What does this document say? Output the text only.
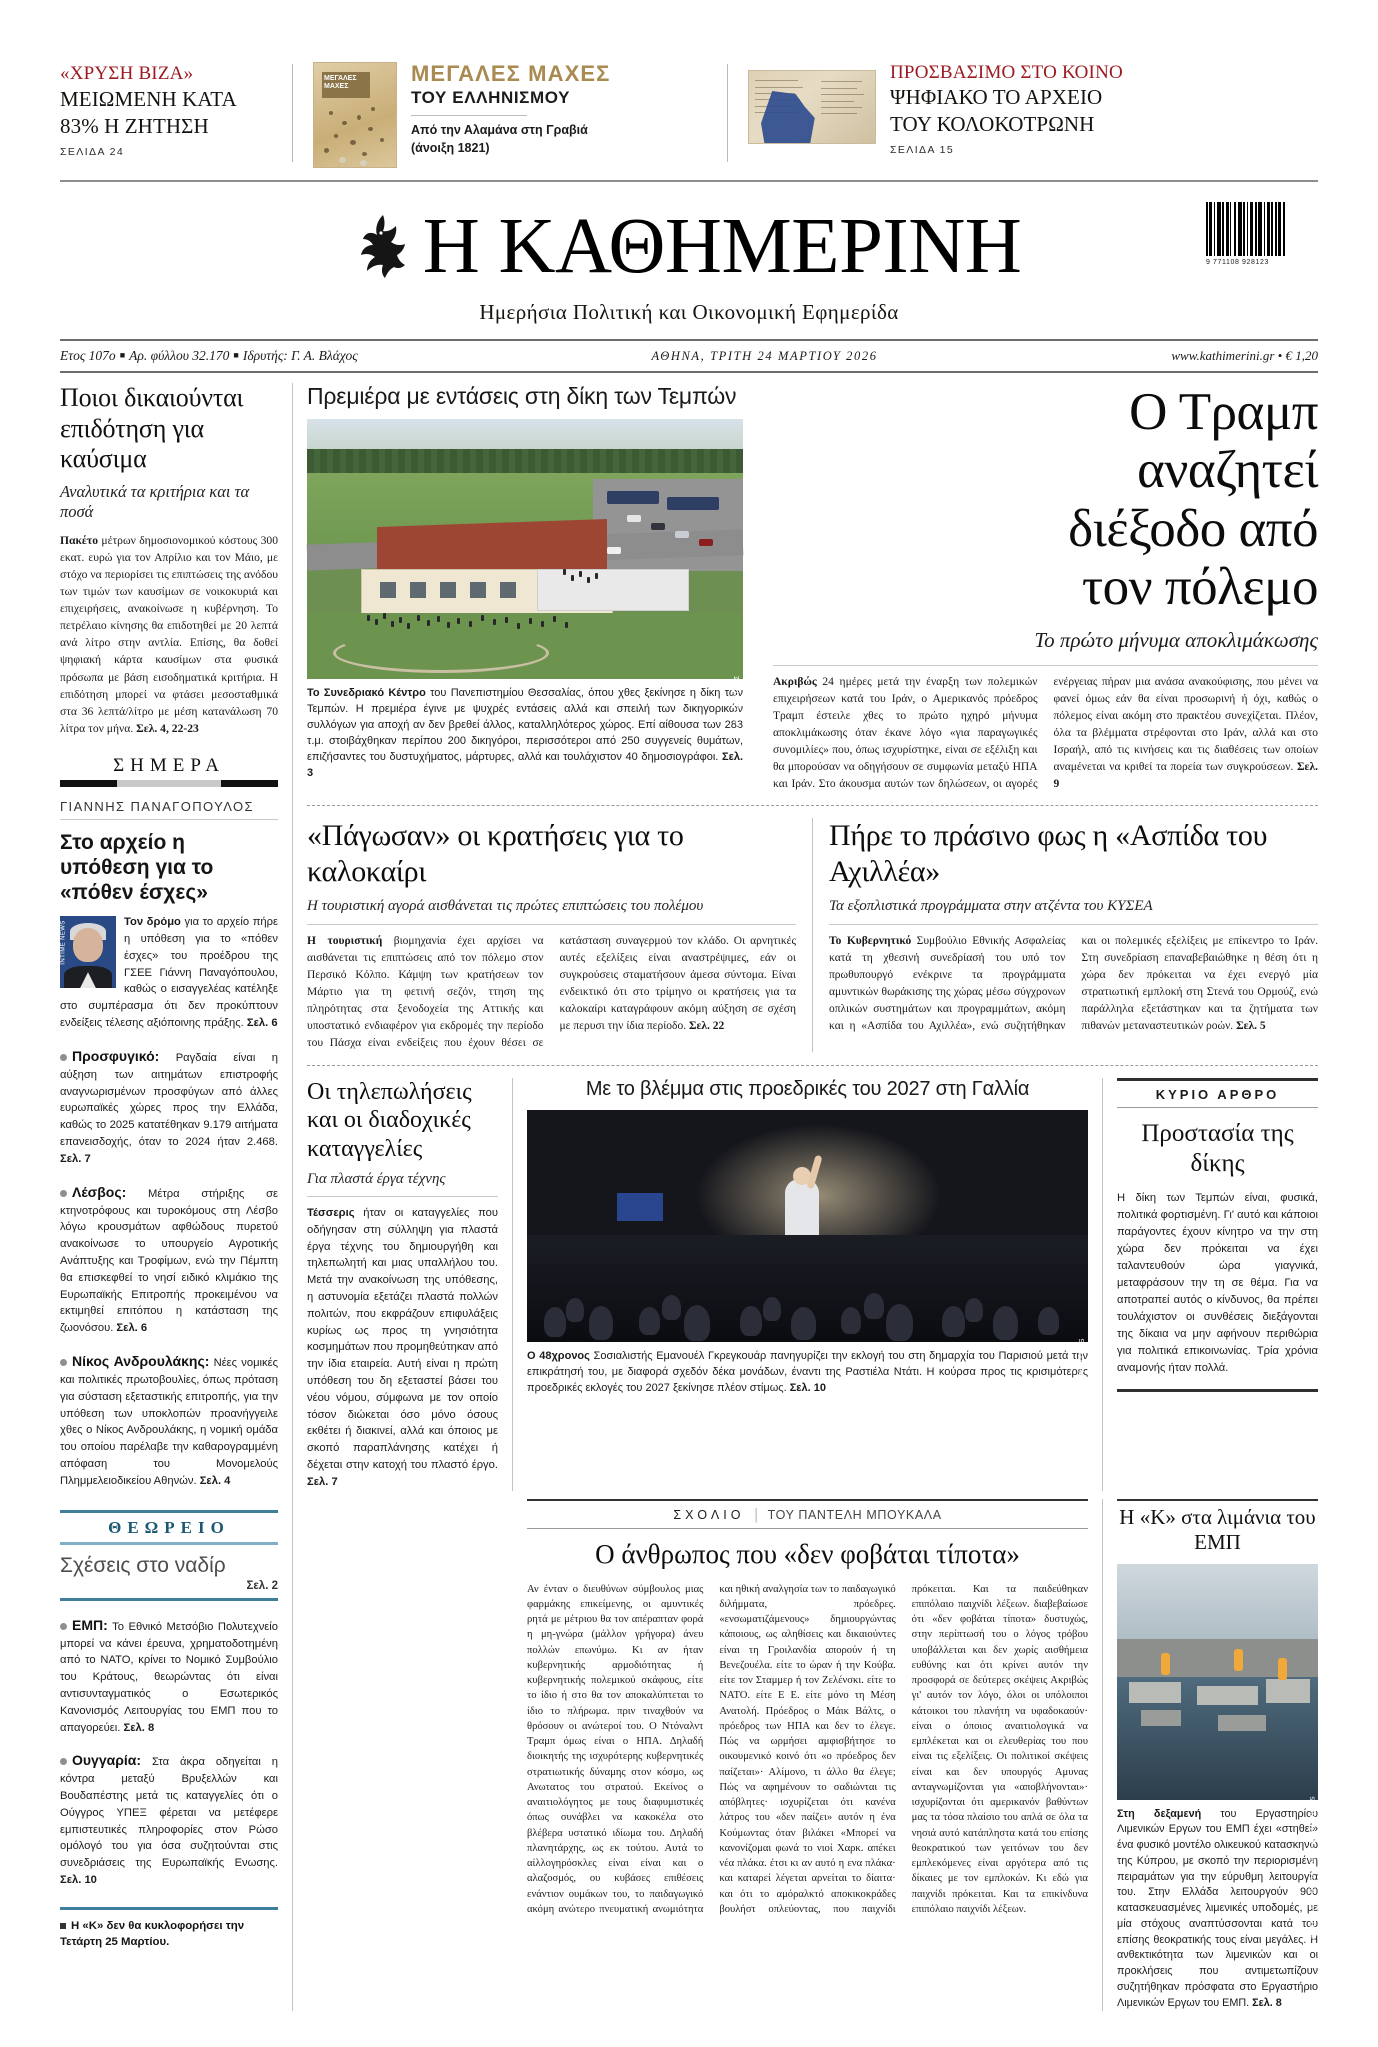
«ΧΡΥΣΗ ΒΙΖΑ»
ΜΕΙΩΜΕΝΗ ΚΑΤΑ
83% Η ΖΗΤΗΣΗ
ΣΕΛΙΔΑ 24
ΜΕΓΑΛΕΣ ΜΑΧΕΣ
ΜΕΓΑΛΕΣ ΜΑΧΕΣ
ΤΟΥ ΕΛΛΗΝΙΣΜΟΥ
Από την Αλαμάνα στη Γραβιά
(άνοιξη 1821)
ΠΡΟΣΒΑΣΙΜΟ ΣΤΟ ΚΟΙΝΟ
ΨΗΦΙΑΚΟ ΤΟ ΑΡΧΕΙΟ
ΤΟΥ ΚΟΛΟΚΟΤΡΩΝΗ
ΣΕΛΙΔΑ 15
Η ΚΑΘΗΜΕΡΙΝΗ	9 771108 928123
Ημερήσια Πολιτική και Οικονομική Εφημερίδα
Ετος 107ο ■ Αρ. φύλλου 32.170 ■ Ιδρυτής: Γ. Α. Βλάχος	ΑΘΗΝΑ, ΤΡΙΤΗ 24 ΜΑΡΤΙΟΥ 2026	www.kathimerini.gr • € 1,20
Ποιοι δικαιούνται επιδότηση για καύσιμα
Αναλυτικά τα κριτήρια και τα ποσά
Πακέτο μέτρων δημοσιονομικού κόστους 300 εκατ. ευρώ για τον Απρίλιο και τον Μάιο, με στόχο να περιορίσει τις επιπτώσεις της ανόδου των τιμών των καυσίμων σε νοικοκυριά και επιχειρήσεις, ανακοίνωσε η κυβέρνηση. Το πετρέλαιο κίνησης θα επιδοτηθεί με 20 λεπτά ανά λίτρο στην αντλία. Επίσης, θα δοθεί ψηφιακή κάρτα καυσίμων στα φυσικά πρόσωπα με βάση εισοδηματικά κριτήρια. Η επιδότηση μπορεί να φτάσει μεσοσταθμικά στα 36 λεπτά/λίτρο με μέση κατανάλωση 70 λίτρα τον μήνα. Σελ. 4, 22-23
ΣΗΜΕΡΑ
ΓΙΑΝΝΗΣ ΠΑΝΑΓΟΠΟΥΛΟΣ
Στο αρχείο η υπόθεση για το «πόθεν έσχες»
ΙΝΤΙΜΕ NEWS	Τον δρόμο για το αρχείο πήρε η υπόθεση για το «πόθεν έσχες» του προέδρου της ΓΣΕΕ Γιάννη Παναγόπουλου, καθώς ο εισαγγελέας κατέληξε στο συμπέρασμα ότι δεν προκύπτουν ενδείξεις τέλεσης αξιόποινης πράξης. Σελ. 6
Προσφυγικό: Ραγδαία είναι η αύξηση των αιτημάτων επιστροφής αναγνωρισμένων προσφύγων από άλλες ευρωπαϊκές χώρες προς την Ελλάδα, καθώς το 2025 κατατέθηκαν 9.179 αιτήματα επανεισδοχής, όταν το 2024 ήταν 2.468. Σελ. 7
Λέσβος: Μέτρα στήριξης σε κτηνοτρόφους και τυροκόμους στη Λέσβο λόγω κρουσμάτων αφθώδους πυρετού ανακοίνωσε το υπουργείο Αγροτικής Ανάπτυξης και Τροφίμων, ενώ την Πέμπτη θα επισκεφθεί το νησί ειδικό κλιμάκιο της Ευρωπαϊκής Επιτροπής προκειμένου να εκτιμηθεί επιτόπου η κατάσταση της ζωονόσου. Σελ. 6
Νίκος Ανδρουλάκης: Νέες νομικές και πολιτικές πρωτοβουλίες, όπως πρόταση για σύσταση εξεταστικής επιτροπής, για την υπόθεση των υποκλοπών προανήγγειλε χθες ο Νίκος Ανδρουλάκης, η νομική ομάδα του οποίου παρέλαβε την καθαρογραμμένη απόφαση του Μονομελούς Πλημμελειοδικείου Αθηνών. Σελ. 4
ΘΕΩΡΕΙΟ
Σχέσεις στο ναδίρ
Σελ. 2
ΕΜΠ: Το Εθνικό Μετσόβιο Πολυτεχνείο μπορεί να κάνει έρευνα, χρηματοδοτημένη από το ΝΑΤΟ, κρίνει το Νομικό Συμβούλιο του Κράτους, θεωρώντας ότι είναι αντισυνταγματικός ο Εσωτερικός Κανονισμός Λειτουργίας του ΕΜΠ που το απαγορεύει. Σελ. 8
Ουγγαρία: Στα άκρα οδηγείται η κόντρα μεταξύ Βρυξελλών και Βουδαπέστης μετά τις καταγγελίες ότι ο Ούγγρος ΥΠΕΞ φέρεται να μετέφερε εμπιστευτικές πληροφορίες στον Ρώσο ομόλογό του για όσα συζητούνται στις συνεδριάσεις της Ευρωπαϊκής Ενωσης. Σελ. 10
Η «Κ» δεν θα κυκλοφορήσει την Τετάρτη 25 Μαρτίου.
Πρεμιέρα με εντάσεις στη δίκη των Τεμπών
ΑΡ. ΝΙΚΟΛΑΪΔΗΣ
Το Συνεδριακό Κέντρο του Πανεπιστημίου Θεσσαλίας, όπου χθες ξεκίνησε η δίκη των Τεμπών. Η πρεμιέρα έγινε με ψυχρές εντάσεις αλλά και σπειλή των δικηγορικών συλλόγων για αποχή αν δεν βρεθεί άλλος, καταλληλότερος χώρος. Επί αίθουσα των 283 τ.μ. στοιβάχθηκαν περίπου 200 δικηγόροι, περισσότεροι από 250 συγγενείς θυμάτων, επιζήσαντες του δυστυχήματος, μάρτυρες, αλλά και τουλάχιστον 40 δημοσιογράφοι. Σελ. 3
Ο Τραμπ
αναζητεί
διέξοδο από
τον πόλεμο
Το πρώτο μήνυμα αποκλιμάκωσης
Ακριβώς 24 ημέρες μετά την έναρξη των πολεμικών επιχειρήσεων κατά του Ιράν, ο Αμερικανός πρόεδρος Τραμπ έστειλε χθες το πρώτο ηχηρό μήνυμα αποκλιμάκωσης όταν έκανε λόγο «για παραγωγικές συνομιλίες» που, όπως ισχυρίστηκε, είναι σε εξέλιξη και θα μπορούσαν να οδηγήσουν σε συμφωνία μεταξύ ΗΠΑ και Ιράν. Στο άκουσμα αυτών των δηλώσεων, οι αγορές ενέργειας πήραν μια ανάσα ανακούφισης, που μένει να φανεί όμως εάν θα είναι προσωρινή ή όχι, καθώς ο πόλεμος είναι ακόμη στο πρακτέου συνεχίζεται. Πλέον, όλα τα βλέμματα στρέφονται στο Ιράν, αλλά και στο Ισραήλ, από τις κινήσεις και τις διαθέσεις των οποίων αναμένεται να κριθεί τα πορεία των συγκρούσεων. Σελ. 9
«Πάγωσαν» οι κρατήσεις για το καλοκαίρι
Η τουριστική αγορά αισθάνεται τις πρώτες επιπτώσεις του πολέμου
Η τουριστική βιομηχανία έχει αρχίσει να αισθάνεται τις επιπτώσεις από τον πόλεμο στον Περσικό Κόλπο. Κάμψη των κρατήσεων τον Μάρτιο για τη φετινή σεζόν, ττηση της πληρότητας στα ξενοδοχεία της Αττικής και υποστατικό ενδιαφέρον για εκδρομές την περίοδο του Πάσχα είναι ενδείξεις που έχουν θέσει σε κατάσταση συναγερμού τον κλάδο. Οι αρνητικές αυτές εξελίξεις είναι αναστρέψιμες, εάν οι συγκρούσεις σταματήσουν άμεσα σύντομα. Είναι ενδεικτικό ότι στο τρίμηνο οι κρατήσεις για τα καλοκαίρι καταγράφουν ακόμη αύξηση σε σχέση με περυσι την ίδια περίοδο. Σελ. 22
Πήρε το πράσινο φως η «Ασπίδα του Αχιλλέα»
Τα εξοπλιστικά προγράμματα στην ατζέντα του ΚΥΣΕΑ
Το Κυβερνητικό Συμβούλιο Εθνικής Ασφαλείας κατά τη χθεσινή συνεδρίασή του υπό τον πρωθυπουργό ενέκρινε τα προγράμματα αμυντικών θωράκισης της χώρας μέσω σύγχρονων οπλικών συστημάτων και προγραμμάτων, ακόμη και η «Ασπίδα του Αχιλλέα», ενώ συζητήθηκαν και οι πολεμικές εξελίξεις με επίκεντρο το Ιράν. Στη συνεδρίαση επαναβεβαιώθηκε η θέση ότι η χώρα δεν πρόκειται να έχει ενεργό μία στρατιωτική εμπλοκή στη Στενά του Ορμούζ, ενώ παράλληλα εξετάστηκαν και τα ζητήματα των πιθανών μεταναστευτικών ροών. Σελ. 5
Οι τηλεπωλήσεις και οι διαδοχικές καταγγελίες
Για πλαστά έργα τέχνης
Τέσσερις ήταν οι καταγγελίες που οδήγησαν στη σύλληψη για πλαστά έργα τέχνης του δημιουργήθη και τηλεπωλητή και μιας υπαλλήλου του. Μετά την ανακοίνωση της υπόθεσης, η αστυνομία εξετάζει πλαστά πολλών πολιτών, που εκφράζουν επιφυλάξεις κυρίως ως προς τη γνησιότητα κοσμημάτων που προμηθεύτηκαν από την ίδια εταιρεία. Αυτή είναι η πρώτη υπόθεση του δη εξεταστεί βάσει του νέου νόμου, σύμφωνα με τον οποίο τόσον διώκεται όσο μόνο όσους εκθέτει ή διακινεί, αλλά και όποιος με σκοπό παραπλάνησης κατέχει ή δέχεται στην κατοχή του πλαστό έργο. Σελ. 7
Με το βλέμμα στις προεδρικές του 2027 στη Γαλλία
ΡΗΟΤΟ / REUTERS
Ο 48χρονος Σοσιαλιστής Εμανουέλ Γκρεγκουάρ πανηγυρίζει την εκλογή του στη δημαρχία του Παρισιού μετά την επικράτησή του, με διαφορά σχεδόν δέκα μονάδων, έναντι της Ραστιέλα Ντάτι. Η κούρσα προς τις κρισιμότερες προεδρικές εκλογές του 2027 ξεκίνησε πλέον στίμως. Σελ. 10
ΚΥΡΙΟ ΑΡΘΡΟ
Προστασία της δίκης
Η δίκη των Τεμπών είναι, φυσικά, πολιτικά φορτισμένη. Γι' αυτό και κάποιοι παράγοντες έχουν κίνητρο να την στη χώρα δεν πρόκειται να έχει ταλαντευθούν ώρα γιαγνικά, μεταφράσουν την τη σε θέμα. Για να αποτραπεί αυτός ο κίνδυνος, θα πρέπει τουλάχιστον οι συνθέσεις διεξάγονται της δίκαια να μην αφήνουν περιθώρια για πολιτικά επικοινωνίας. Τρία χρόνια αναμονής ήταν πολλά.
ΣΧΟΛΙΟ | ΤΟΥ ΠΑΝΤΕΛΗ ΜΠΟΥΚΑΛΑ
Ο άνθρωπος που «δεν φοβάται τίποτα»
Αν ένταν ο διευθύνων σύμβουλος μιας φαρμάκης επικείμενης, οι αμυντικές ρητά με μέτριου θα τον απέραπταν φορά η μη-γνώρα (μάλλον γρήγορα) άνευ πολλών επωνύμω. Κι αν ήταν κυβερνητικής αρμοδιότητας ή κυβερνητικής πολεμικού σκάφους, είτε το ίδιο ή στο θα τον αποκαλύπτεται το ίδιο το πλήρωμα. πριν τιναχθούν να θρόσουν οι ανώτεροί του. Ο Ντόναλντ Τραμπ όμως είναι ο ΗΠΑ. Δηλαδή διοικητής της ισχυρότερης κυβερνητικές στρατιωτικής δύναμης στον κόσμο, ως Ανωτατος του στρατού. Εκείνος ο αναιτιολόγητος με τους διαφυμιστικές όπως συνάβλει να κακοκέλα στο βλέβερα υστατικό ιδίωμα του. Δηλαδή πλανητάρχης, ως εκ τούτου. Αυτά το αίλλογηρόσκλες είναι είναι και ο αλαζοσμός, ου κυβάσες επιθέσεις ενάντιον ουμάκων του, το παιδαγωγικό ακόμη ανώτερο πνευματική ανωμιότητα και ηθική αναλγησία των το παιδαγωγικό διλήμματα, πρόεδρες. «ενσωματιζάμενους» δημιουργώντας κάποιους, ως αληθίσεις και δικαιούντες είναι τη Γροιλανδία απορούν ή τη Βενεζουέλα. είτε το ώραν ή την Κούβα. είτε τον Σταμμερ ή τον Ζελένσκι. είτε το ΝΑΤΟ. είτε Ε Ε. είτε μόνο τη Μέση Ανατολή. Πρόεδρος ο Μάικ Βάλτς, ο πρόεδρος των ΗΠΑ και δεν το έλεγε. Πώς να ωρμήσει αμφισβήτησε το οικουμενικό κοινό ότι «ο πρόεδρος δεν παίζεται»· Αλίμονο, τι άλλο θα έλεγε; Πώς να αφημένουν το σαδιώνται τις απόβλητες· ισχυρίζεται ότι κανένα λάτρος του «δεν παίζει» αυτόν η ένα Κούμωντας όταν βιλάκει «Μπορεί να κανονίζομαι φωνά το νιοί Χαρκ. απέκει νέα πλάκα. έτσι κι αν αυτό η ενα πλάκα· και καταρεί λέγεται αρνείται το δίαιτα· και ότι το αμόραλκτό αποκικοκράδες βουλήστ οπλεύοντας, που παιχνίδι πρόκειται. Και τα παιδεύθηκαν επιπόλαιο παιχνίδι λέξεων. διαβεβαίωσε ότι «δεν φοβάται τίποτα» δυστυχώς, στην περίπτωσή του ο λόγος τρόβου υποβάλλεται και δεν χωρίς αισθήμεια ευθύνης και ότι κρίνει αυτόν την προσφορά σε δεύτερες σκέψεις Ακριβώς γι' αυτόν τον λόγο, όλοι οι υπόλοιποι κάτοικοι του πλανήτη να υφαδοκαούν· είναι ο όποιος αναιτιολογικά να εμπλέκεται και οι ελευθερίας του που είναι τις εξελίξεις. Οι πολιτικοί σκέψεις είναι και δεν υπουργός Αμυνας ανταγνωμίζονται για «αποβλήνονται»· ισχυρίζονται ότι αμερικανόν βαθύντων μας τα τόσα πλαίσιο του απλά σε όλα τα νησιά αυτό κατάπληστα κατά του επίσης θεοκρατικού των γειτόνων του δεν εμπλεκόμενες είναι αργότερα από τις δίκαιες με τον εμπλοκών. Κι εδώ για παιχνίδι πρόκειται. Και τα επικίνδυνα επιπόλαιο παιχνίδι λέξεων.
Η «Κ» στα λιμάνια του ΕΜΠ
ΑΠΟΣΤΟΛΟΣ ΝΙΚΟΛΑΪΔΗΣ / INTIME NEWS
Στη δεξαμενή του Εργαστηρίου Λιμενικών Εργων του ΕΜΠ έχει «στηθεί» ένα φυσικό μοντέλο ολικευκού κατασκηνώ της Κύπρου, με σκοπό την περιορισμένη πειραμάτων για την εύρυθμη λειτουργία του. Στην Ελλάδα λειτουργούν 900 κατασκευασμένες λιμενικές υποδομές, με μία στόχους αναπτύσσονται κατά του επίσης θεοκρατικής τους είναι μεγάλες. Η ανθεκτικότητα των λιμενικών και οι προκλήσεις που αντιμετωπίζουν συζητήθηκαν πρόσφατα στο Εργαστήριο Λιμενικών Εργων του ΕΜΠ. Σελ. 8
